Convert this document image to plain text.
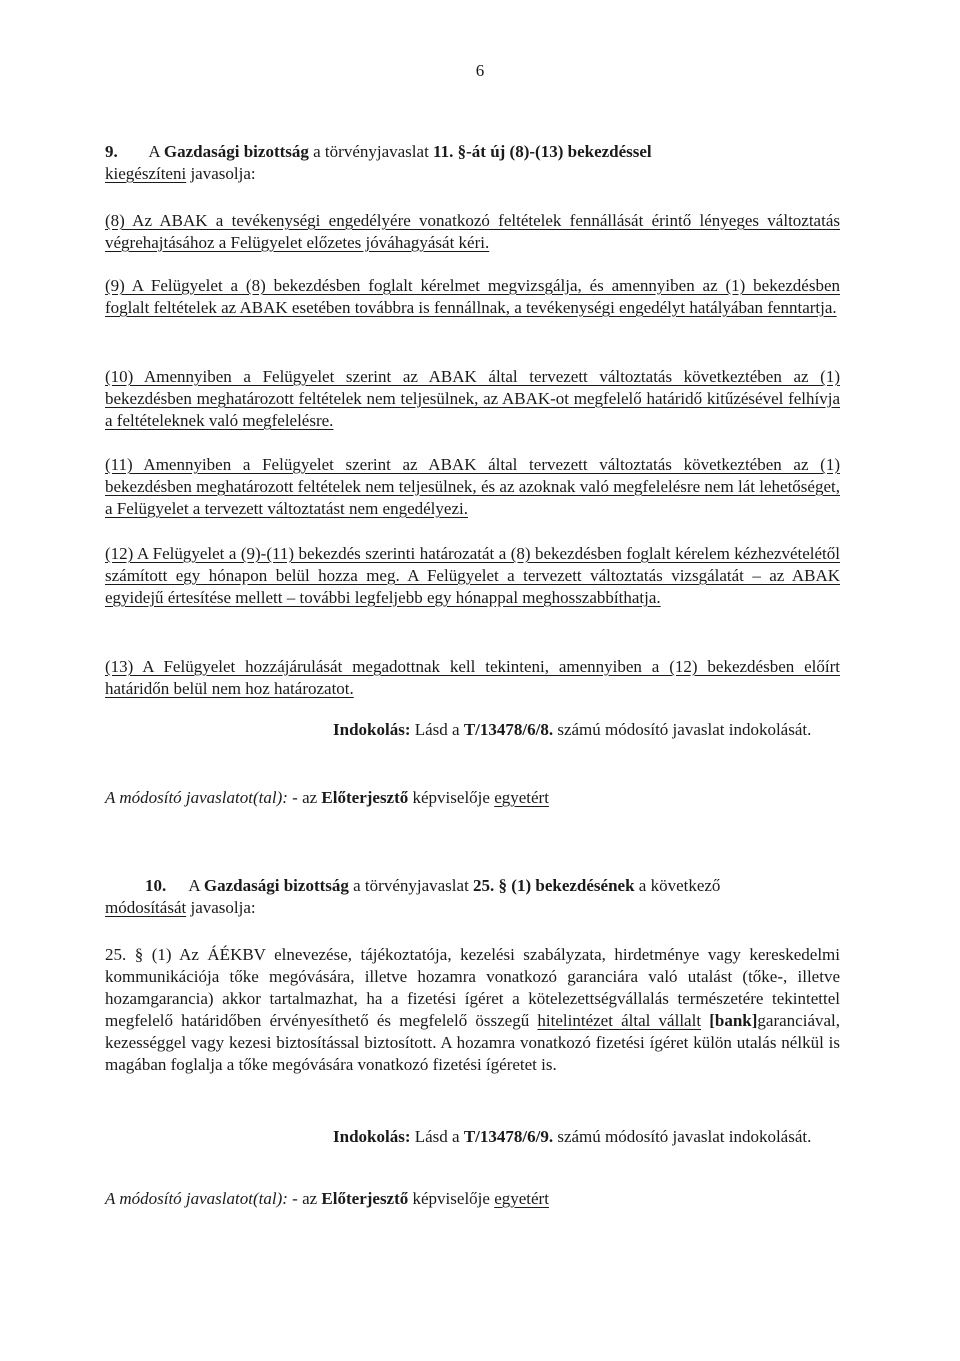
6
9. A Gazdasági bizottság a törvényjavaslat 11. §-át új (8)-(13) bekezdéssel
kiegészíteni javasolja:
(8) Az ABAK a tevékenységi engedélyére vonatkozó feltételek fennállását érintő lényeges változtatás végrehajtásához a Felügyelet előzetes jóváhagyását kéri.
(9) A Felügyelet a (8) bekezdésben foglalt kérelmet megvizsgálja, és amennyiben az (1) bekezdésben foglalt feltételek az ABAK esetében továbbra is fennállnak, a tevékenységi engedélyt hatályában fenntartja.
(10) Amennyiben a Felügyelet szerint az ABAK által tervezett változtatás következtében az (1) bekezdésben meghatározott feltételek nem teljesülnek, az ABAK-ot megfelelő határidő kitűzésével felhívja a feltételeknek való megfelelésre.
(11) Amennyiben a Felügyelet szerint az ABAK által tervezett változtatás következtében az (1) bekezdésben meghatározott feltételek nem teljesülnek, és az azoknak való megfelelésre nem lát lehetőséget, a Felügyelet a tervezett változtatást nem engedélyezi.
(12) A Felügyelet a (9)-(11) bekezdés szerinti határozatát a (8) bekezdésben foglalt kérelem kézhezvételétől számított egy hónapon belül hozza meg. A Felügyelet a tervezett változtatás vizsgálatát – az ABAK egyidejű értesítése mellett – további legfeljebb egy hónappal meghosszabbíthatja.
(13) A Felügyelet hozzájárulását megadottnak kell tekinteni, amennyiben a (12) bekezdésben előírt határidőn belül nem hoz határozatot.
Indokolás: Lásd a T/13478/6/8. számú módosító javaslat indokolását.
A módosító javaslatot(tal): - az Előterjesztő képviselője egyetért
10. A Gazdasági bizottság a törvényjavaslat 25. § (1) bekezdésének a következő
módosítását javasolja:
25. § (1) Az ÁÉKBV elnevezése, tájékoztatója, kezelési szabályzata, hirdetménye vagy kereskedelmi kommunikációja tőke megóvására, illetve hozamra vonatkozó garanciára való utalást (tőke-, illetve hozamgarancia) akkor tartalmazhat, ha a fizetési ígéret a kötelezettségvállalás természetére tekintettel megfelelő határidőben érvényesíthető és megfelelő összegű hitelintézet által vállalt [bank]garanciával, kezességgel vagy kezesi biztosítással biztosított. A hozamra vonatkozó fizetési ígéret külön utalás nélkül is magában foglalja a tőke megóvására vonatkozó fizetési ígéretet is.
Indokolás: Lásd a T/13478/6/9. számú módosító javaslat indokolását.
A módosító javaslatot(tal): - az Előterjesztő képviselője egyetért
